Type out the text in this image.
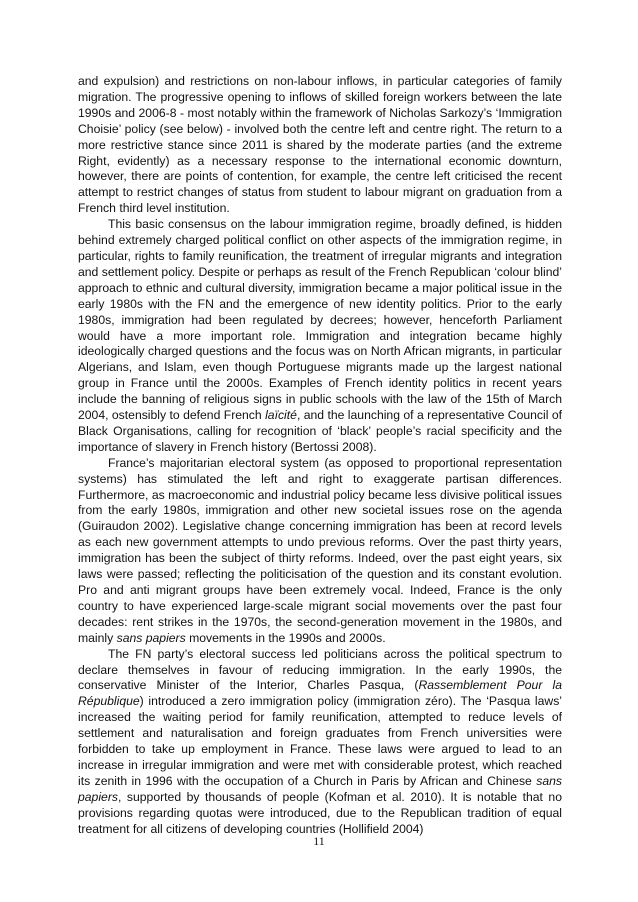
and expulsion) and restrictions on non-labour inflows, in particular categories of family migration. The progressive opening to inflows of skilled foreign workers between the late 1990s and 2006-8 - most notably within the framework of Nicholas Sarkozy’s ‘Immigration Choisie’ policy (see below) - involved both the centre left and centre right. The return to a more restrictive stance since 2011 is shared by the moderate parties (and the extreme Right, evidently) as a necessary response to the international economic downturn, however, there are points of contention, for example, the centre left criticised the recent attempt to restrict changes of status from student to labour migrant on graduation from a French third level institution.

This basic consensus on the labour immigration regime, broadly defined, is hidden behind extremely charged political conflict on other aspects of the immigration regime, in particular, rights to family reunification, the treatment of irregular migrants and integration and settlement policy. Despite or perhaps as result of the French Republican ‘colour blind’ approach to ethnic and cultural diversity, immigration became a major political issue in the early 1980s with the FN and the emergence of new identity politics. Prior to the early 1980s, immigration had been regulated by decrees; however, henceforth Parliament would have a more important role. Immigration and integration became highly ideologically charged questions and the focus was on North African migrants, in particular Algerians, and Islam, even though Portuguese migrants made up the largest national group in France until the 2000s. Examples of French identity politics in recent years include the banning of religious signs in public schools with the law of the 15th of March 2004, ostensibly to defend French laïcité, and the launching of a representative Council of Black Organisations, calling for recognition of ‘black’ people’s racial specificity and the importance of slavery in French history (Bertossi 2008).

France’s majoritarian electoral system (as opposed to proportional representation systems) has stimulated the left and right to exaggerate partisan differences. Furthermore, as macroeconomic and industrial policy became less divisive political issues from the early 1980s, immigration and other new societal issues rose on the agenda (Guiraudon 2002). Legislative change concerning immigration has been at record levels as each new government attempts to undo previous reforms. Over the past thirty years, immigration has been the subject of thirty reforms. Indeed, over the past eight years, six laws were passed; reflecting the politicisation of the question and its constant evolution. Pro and anti migrant groups have been extremely vocal. Indeed, France is the only country to have experienced large-scale migrant social movements over the past four decades: rent strikes in the 1970s, the second-generation movement in the 1980s, and mainly sans papiers movements in the 1990s and 2000s.

The FN party’s electoral success led politicians across the political spectrum to declare themselves in favour of reducing immigration. In the early 1990s, the conservative Minister of the Interior, Charles Pasqua, (Rassemblement Pour la République) introduced a zero immigration policy (immigration zéro). The ‘Pasqua laws’ increased the waiting period for family reunification, attempted to reduce levels of settlement and naturalisation and foreign graduates from French universities were forbidden to take up employment in France. These laws were argued to lead to an increase in irregular immigration and were met with considerable protest, which reached its zenith in 1996 with the occupation of a Church in Paris by African and Chinese sans papiers, supported by thousands of people (Kofman et al. 2010). It is notable that no provisions regarding quotas were introduced, due to the Republican tradition of equal treatment for all citizens of developing countries (Hollifield 2004)

11
